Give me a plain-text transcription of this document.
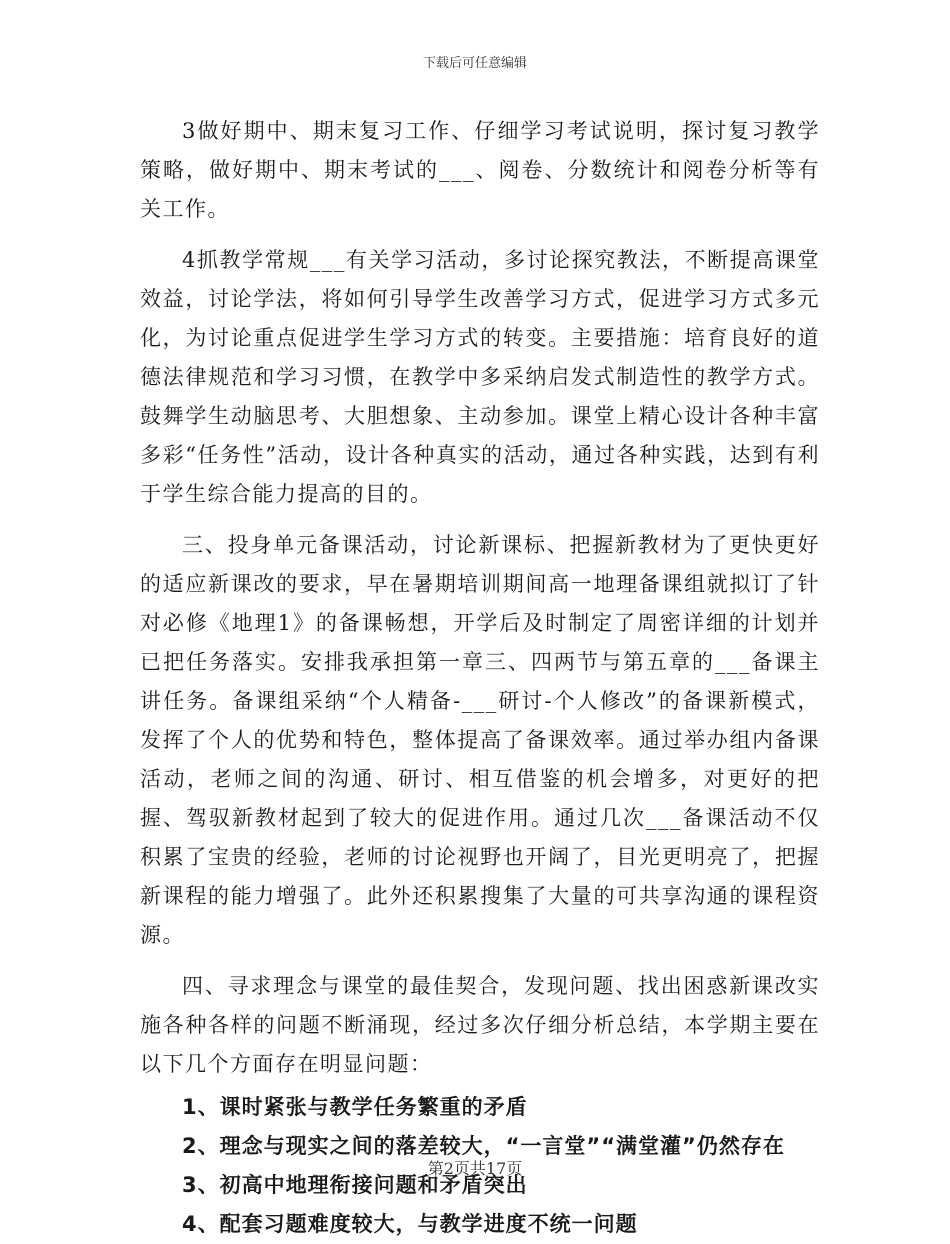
下载后可任意编辑

3做好期中、期末复习工作、仔细学习考试说明，探讨复习教学策略，做好期中、期末考试的___、阅卷、分数统计和阅卷分析等有关工作。

4抓教学常规___有关学习活动，多讨论探究教法，不断提高课堂效益，讨论学法，将如何引导学生改善学习方式，促进学习方式多元化，为讨论重点促进学生学习方式的转变。主要措施：培育良好的道德法律规范和学习习惯，在教学中多采纳启发式制造性的教学方式。鼓舞学生动脑思考、大胆想象、主动参加。课堂上精心设计各种丰富多彩“任务性”活动，设计各种真实的活动，通过各种实践，达到有利于学生综合能力提高的目的。

三、投身单元备课活动，讨论新课标、把握新教材为了更快更好的适应新课改的要求，早在暑期培训期间高一地理备课组就拟订了针对必修《地理1》的备课畅想，开学后及时制定了周密详细的计划并已把任务落实。安排我承担第一章三、四两节与第五章的___备课主讲任务。备课组采纳“个人精备-___研讨-个人修改”的备课新模式，发挥了个人的优势和特色，整体提高了备课效率。通过举办组内备课活动，老师之间的沟通、研讨、相互借鉴的机会增多，对更好的把握、驾驭新教材起到了较大的促进作用。通过几次___备课活动不仅积累了宝贵的经验，老师的讨论视野也开阔了，目光更明亮了，把握新课程的能力增强了。此外还积累搜集了大量的可共享沟通的课程资源。

四、寻求理念与课堂的最佳契合，发现问题、找出困惑新课改实施各种各样的问题不断涌现，经过多次仔细分析总结，本学期主要在以下几个方面存在明显问题：

1、课时紧张与教学任务繁重的矛盾

2、理念与现实之间的落差较大，“一言堂”“满堂灌”仍然存在

3、初高中地理衔接问题和矛盾突出

4、配套习题难度较大，与教学进度不统一问题

第2页共17页
